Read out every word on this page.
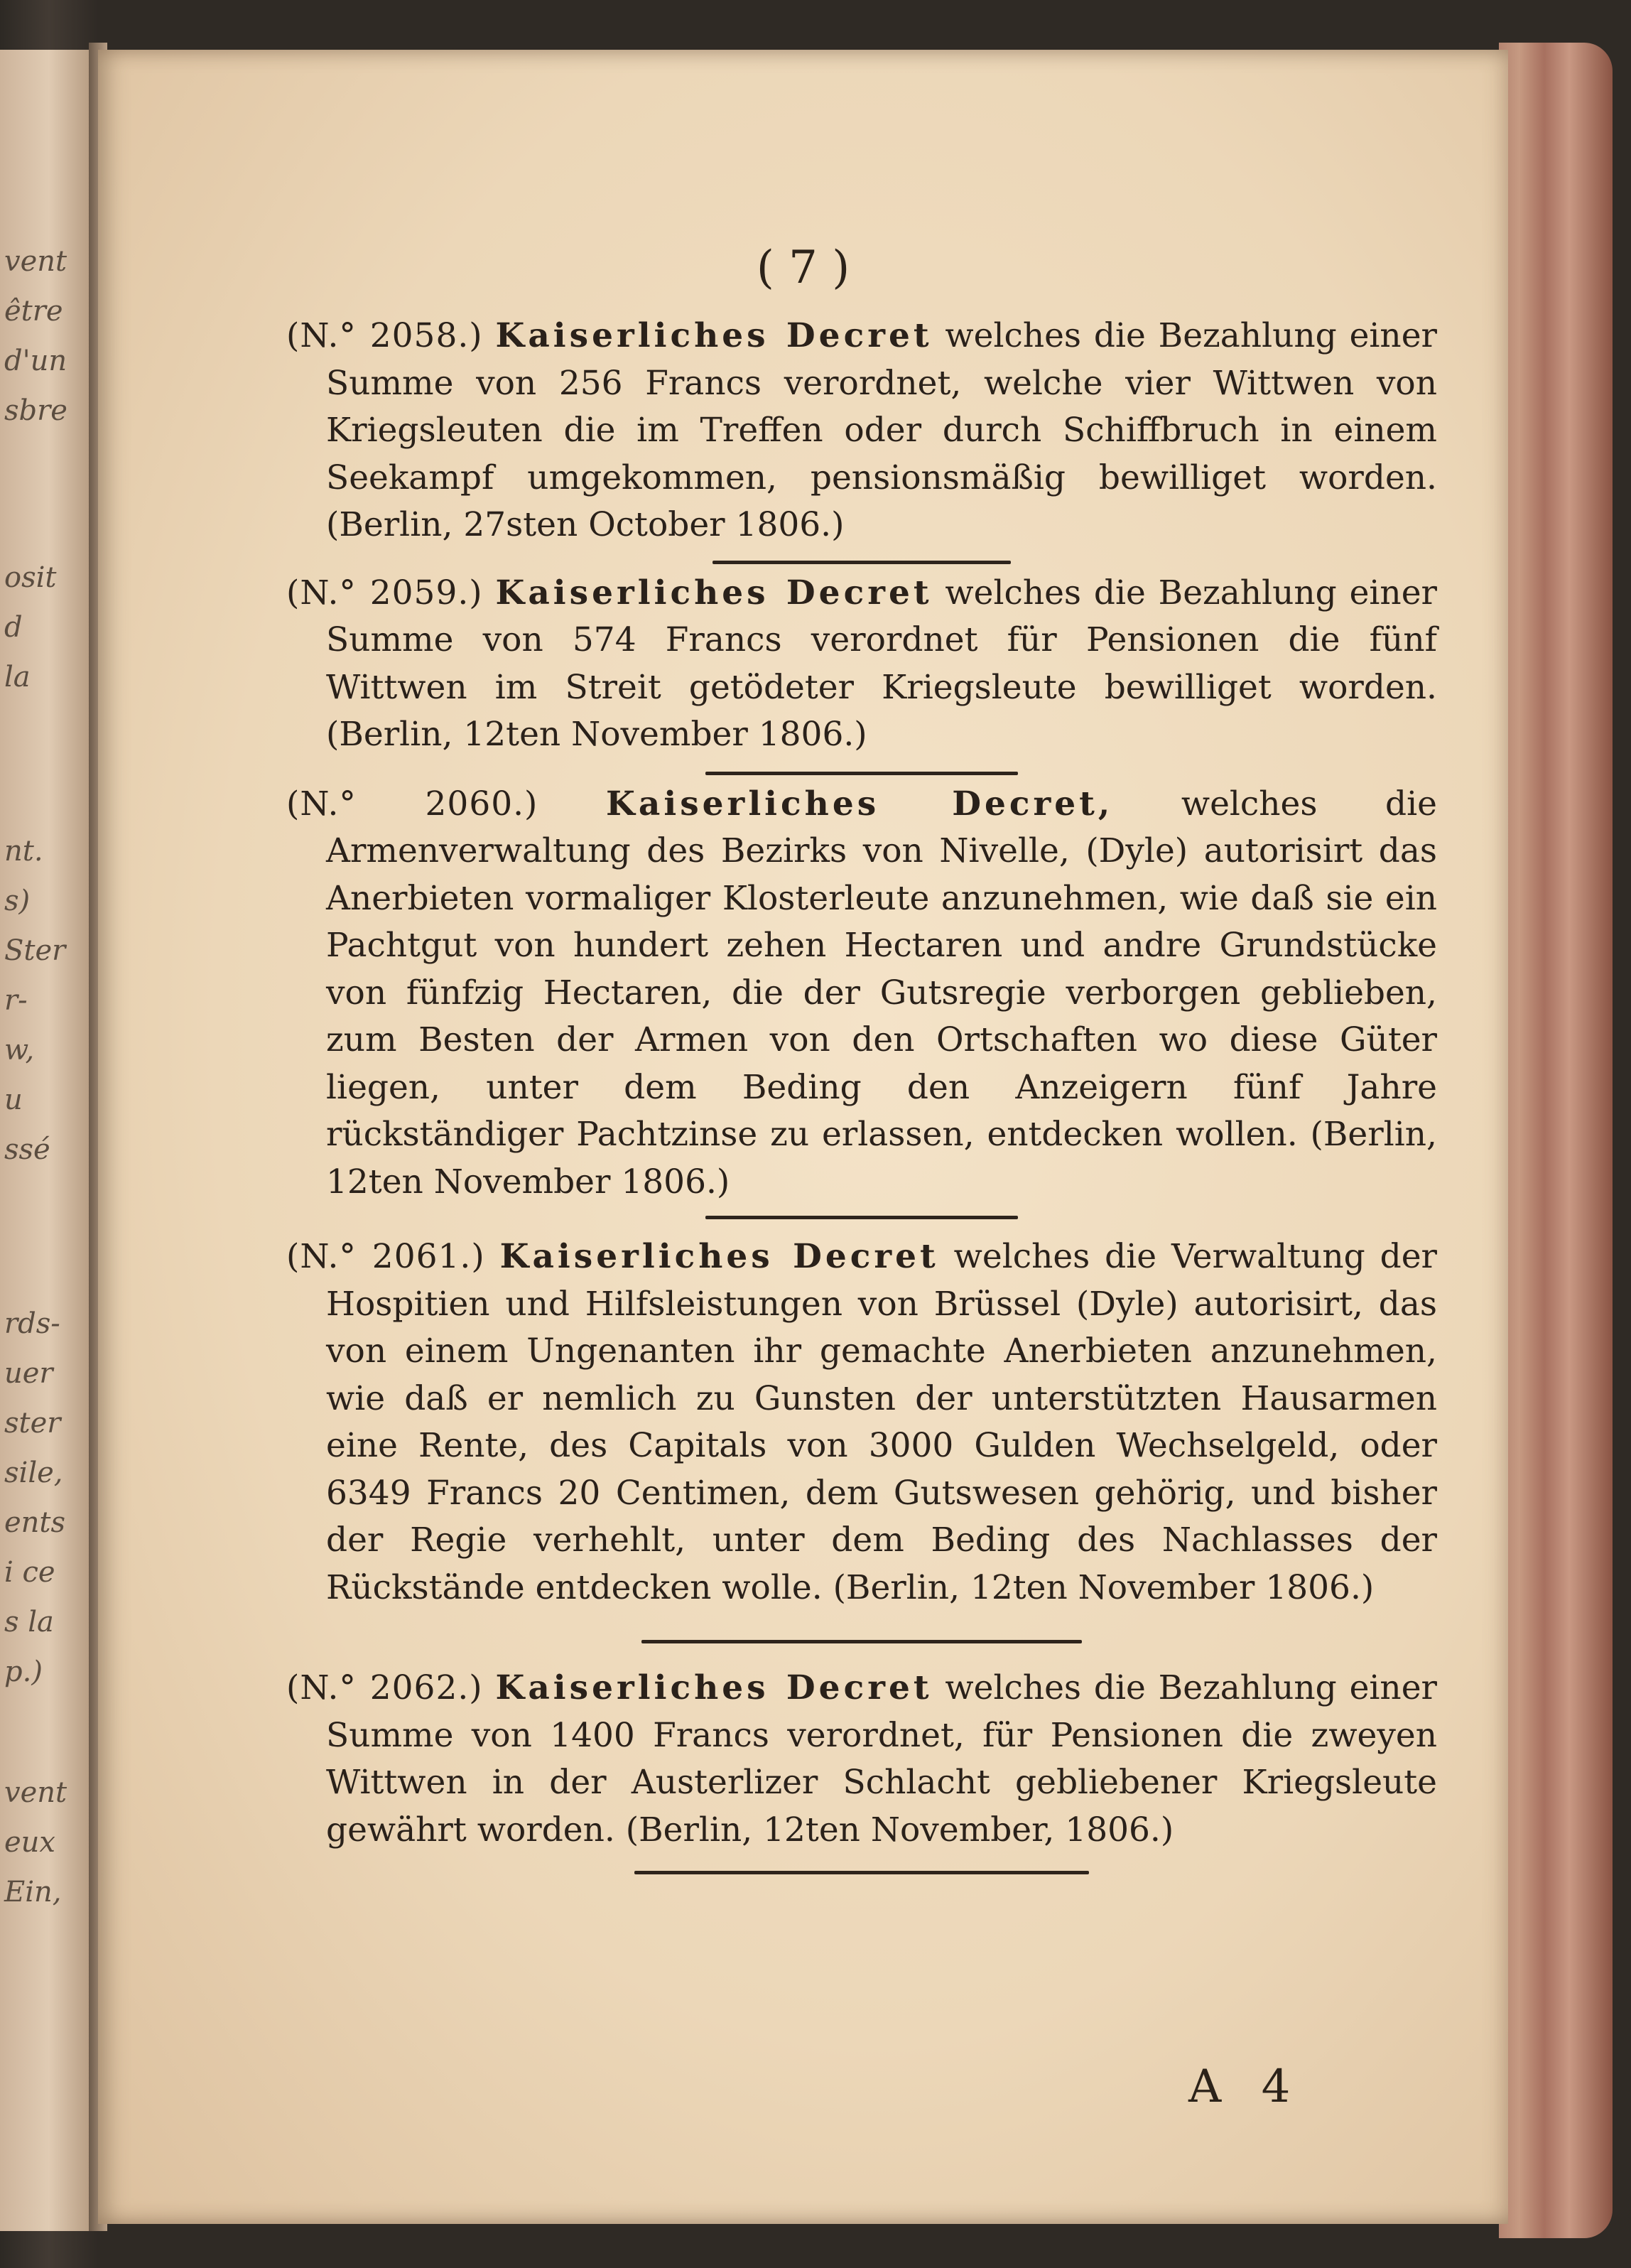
vent
être
d'un
sbre
osit
d
la
nt.
s)
Ster
r-
w,
u
ssé
rds-
uer
ster
sile,
ents
i ce
s la
p.)
vent
eux
Ein,
( 7 )

(N.° 2058.) Kaiserliches Decret welches die Bezahlung einer Summe von 256 Francs verordnet, welche vier Wittwen von Kriegsleuten die im Treffen oder durch Schiffbruch in einem Seekampf umgekommen, pensionsmäßig bewilliget worden. (Berlin, 27sten October 1806.)

(N.° 2059.) Kaiserliches Decret welches die Bezahlung einer Summe von 574 Francs verordnet für Pensionen die fünf Wittwen im Streit getödeter Kriegsleute bewilliget worden. (Berlin, 12ten November 1806.)

(N.° 2060.) Kaiserliches Decret, welches die Armenverwaltung des Bezirks von Nivelle, (Dyle) autorisirt das Anerbieten vormaliger Klosterleute anzunehmen, wie daß sie ein Pachtgut von hundert zehen Hectaren und andre Grundstücke von fünfzig Hectaren, die der Gutsregie verborgen geblieben, zum Besten der Armen von den Ortschaften wo diese Güter liegen, unter dem Beding den Anzeigern fünf Jahre rückständiger Pachtzinse zu erlassen, entdecken wollen. (Berlin, 12ten November 1806.)

(N.° 2061.) Kaiserliches Decret welches die Verwaltung der Hospitien und Hilfsleistungen von Brüssel (Dyle) autorisirt, das von einem Ungenanten ihr gemachte Anerbieten anzunehmen, wie daß er nemlich zu Gunsten der unterstützten Hausarmen eine Rente, des Capitals von 3000 Gulden Wechselgeld, oder 6349 Francs 20 Centimen, dem Gutswesen gehörig, und bisher der Regie verhehlt, unter dem Beding des Nachlasses der Rückstände entdecken wolle. (Berlin, 12ten November 1806.)

(N.° 2062.) Kaiserliches Decret welches die Bezahlung einer Summe von 1400 Francs verordnet, für Pensionen die zweyen Wittwen in der Austerlizer Schlacht gebliebener Kriegsleute gewährt worden. (Berlin, 12ten November, 1806.)

A 4
